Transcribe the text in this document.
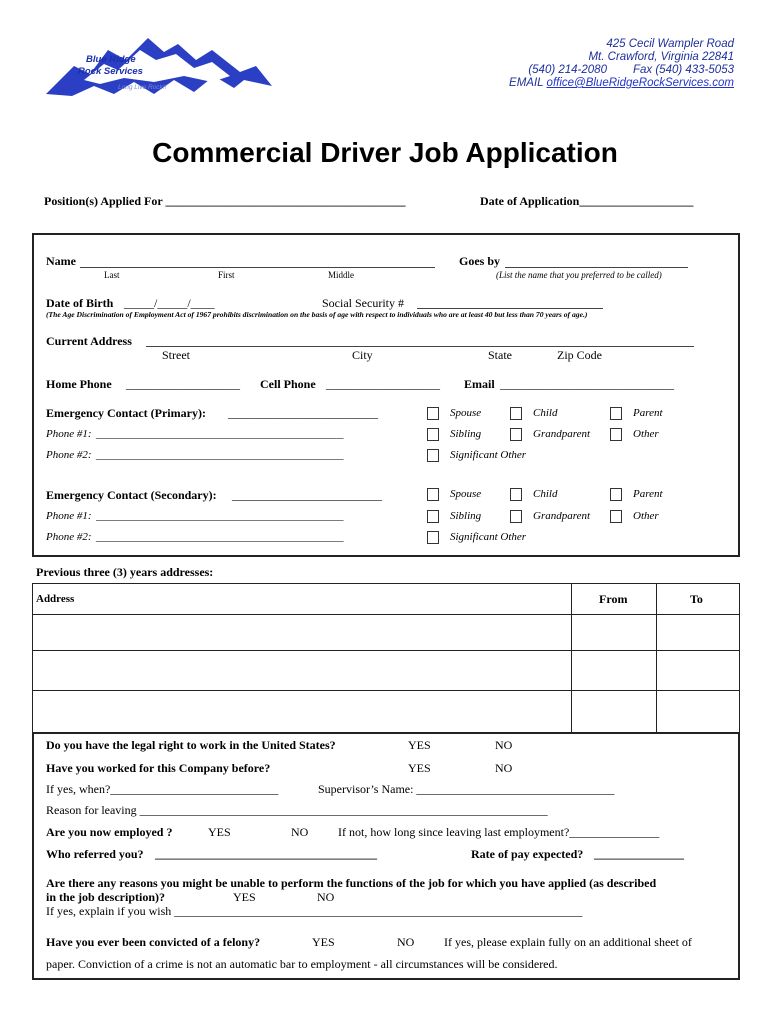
Blue Ridge
Rock Services
Long Live Rock!!
425 Cecil Wampler Road
Mt. Crawford, Virginia 22841
(540) 214-2080 Fax (540) 433-5053
EMAIL office@BlueRidgeRockServices.com
Commercial Driver Job Application
Position(s) Applied For ________________________________________	Date of Application___________________
Name
Last	First	Middle
Goes by
(List the name that you preferred to be called)
Date of Birth _____/_____/____	Social Security #
(The Age Discrimination of Employment Act of 1967 prohibits discrimination on the basis of age with respect to individuals who are at least 40 but less than 70 years of age.)
Current Address
Street	City	State	Zip Code
Home Phone ___________________ Cell Phone ___________________ Email _____________________________
Emergency Contact (Primary): _________________________
Phone #1: _____________________________________________
Phone #2: _____________________________________________
Spouse	Child	Parent
Sibling	Grandparent	Other
Significant Other
Emergency Contact (Secondary): _________________________
Phone #1: _____________________________________________
Phone #2: _____________________________________________
Spouse	Child	Parent
Sibling	Grandparent	Other
Significant Other
Previous three (3) years addresses:
Address	From	To
Do you have the legal right to work in the United States?	YES	NO
Have you worked for this Company before?	YES	NO
If yes, when?____________________________	Supervisor’s Name: _________________________________
Reason for leaving ____________________________________________________________________
Are you now employed ?	YES	NO If not, how long since leaving last employment?_______________
Who referred you? _____________________________________	Rate of pay expected? _______________
Are there any reasons you might be unable to perform the functions of the job for which you have applied (as described
in the job description)?	YES	NO
If yes, explain if you wish ____________________________________________________________________
Have you ever been convicted of a felony?	YES	NO If yes, please explain fully on an additional sheet of
paper. Conviction of a crime is not an automatic bar to employment - all circumstances will be considered.
